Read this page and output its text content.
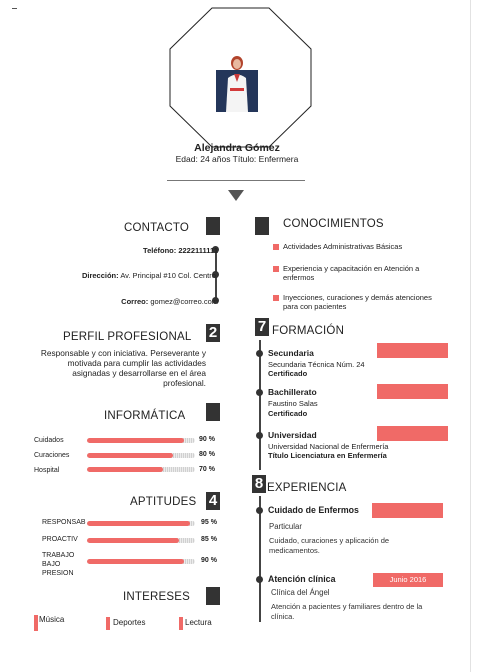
Alejandra Gómez
Edad: 24 años Título: Enfermera
CONTACTO
Teléfono: 2222111111
Dirección: Av. Principal #10 Col. Centro.
Correo: gomez@correo.com
PERFIL PROFESIONAL 2
Responsable y con iniciativa. Perseverante y motivada para cumplir las actividades asignadas y desarrollarse en el área profesional.
INFORMÁTICA
Cuidados	90 %
Curaciones	80 %
Hospital	70 %
APTITUDES 4
RESPONSAB	95 %
PROACTIV	85 %
TRABAJO BAJO PRESION
90 %
INTERESES
Música	Deportes	Lectura
CONOCIMIENTOS
Actividades Administrativas Básicas
Experiencia y capacitación en Atención a enfermos
Inyecciones, curaciones y demás atenciones para con pacientes
7 FORMACIÓN
Secundaria
Secundaria Técnica Núm. 24
Certificado
Bachillerato
Faustino Salas
Certificado
Universidad
Universidad Nacional de Enfermería
Título Licenciatura en Enfermería
8 EXPERIENCIA
Cuidado de Enfermos
Particular
Cuidado, curaciones y aplicación de medicamentos.
Atención clínica
Clínica del Ángel
Atención a pacientes y familiares dentro de la clínica.
Junio 2016
